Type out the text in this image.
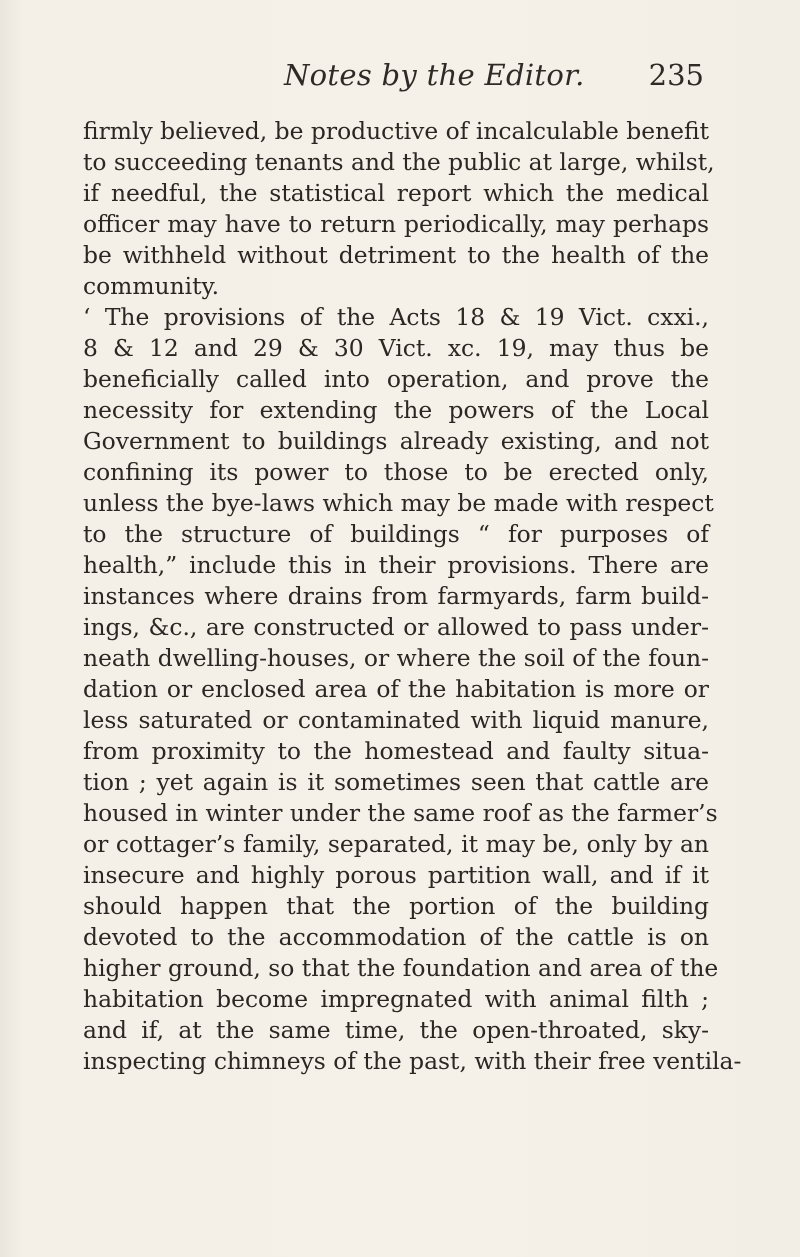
Notes by the Editor. 235
firmly believed, be productive of incalculable benefit
to succeeding tenants and the public at large, whilst,
if needful, the statistical report which the medical
officer may have to return periodically, may perhaps
be withheld without detriment to the health of the
community.
‘ The provisions of the Acts 18 & 19 Vict. cxxi.,
8 & 12 and 29 & 30 Vict. xc. 19, may thus be
beneficially called into operation, and prove the
necessity for extending the powers of the Local
Government to buildings already existing, and not
confining its power to those to be erected only,
unless the bye-laws which may be made with respect
to the structure of buildings “ for purposes of
health,” include this in their provisions. There are
instances where drains from farmyards, farm build-
ings, &c., are constructed or allowed to pass under-
neath dwelling-houses, or where the soil of the foun-
dation or enclosed area of the habitation is more or
less saturated or contaminated with liquid manure,
from proximity to the homestead and faulty situa-
tion ; yet again is it sometimes seen that cattle are
housed in winter under the same roof as the farmer’s
or cottager’s family, separated, it may be, only by an
insecure and highly porous partition wall, and if it
should happen that the portion of the building
devoted to the accommodation of the cattle is on
higher ground, so that the foundation and area of the
habitation become impregnated with animal filth ;
and if, at the same time, the open-throated, sky-
inspecting chimneys of the past, with their free ventila-
